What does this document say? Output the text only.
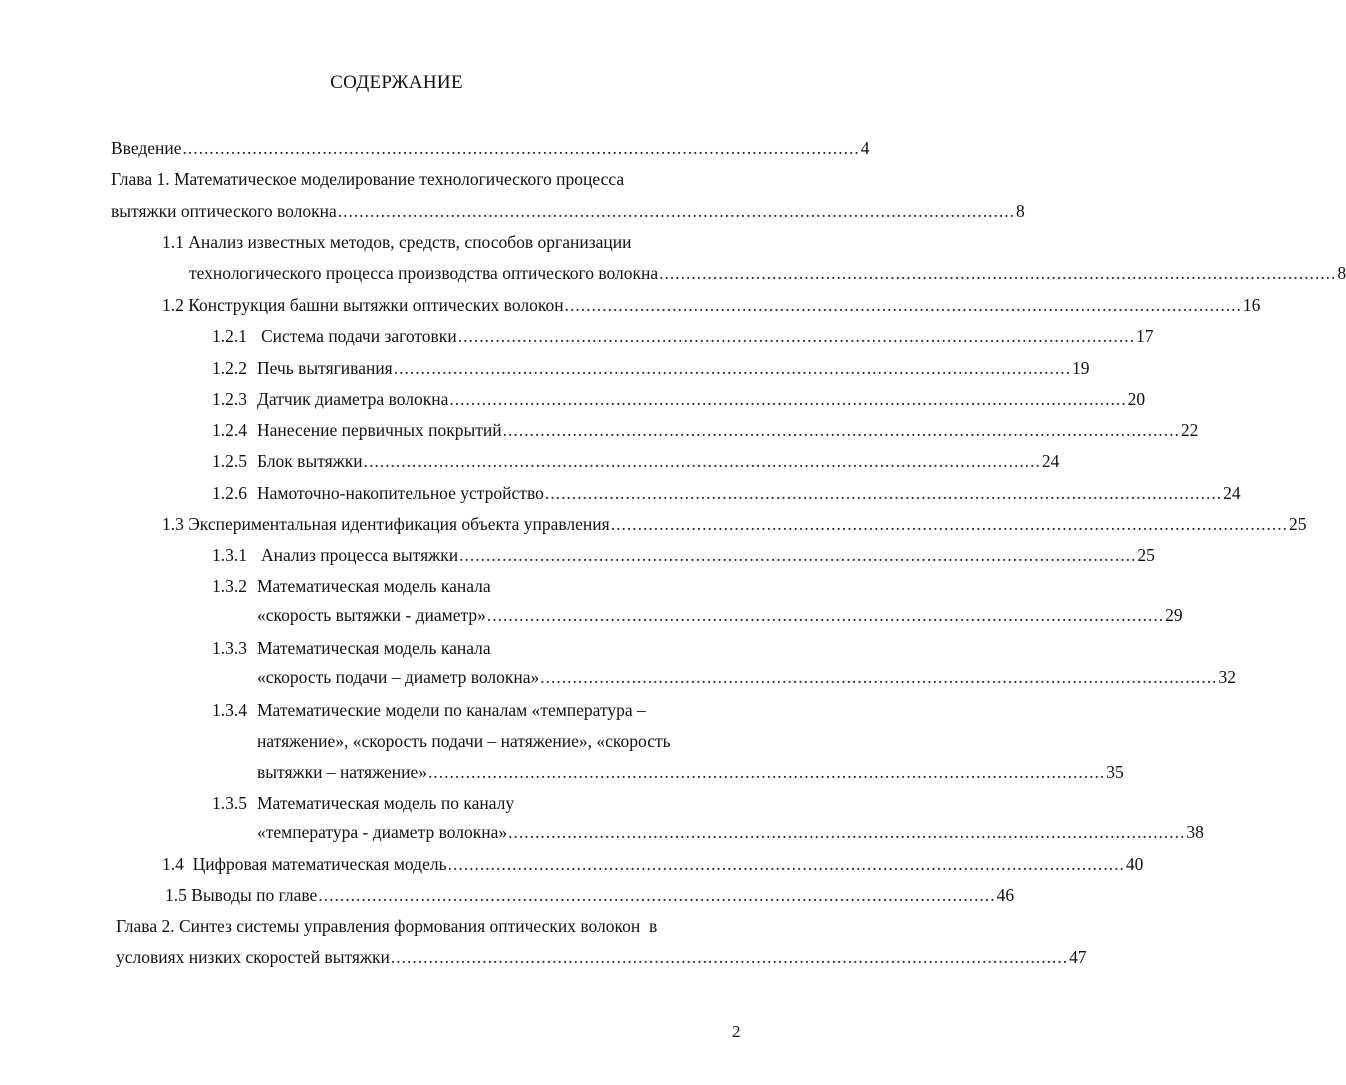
СОДЕРЖАНИЕ
Введение .............................................................................................................................. 4
Глава 1. Математическое моделирование технологического процесса
вытяжки оптического волокна .............................................................................................................................. 8
1.1 Анализ известных методов, средств, способов организации
технологического процесса производства оптического волокна .............................................................................................................................. 8
1.2 Конструкция башни вытяжки оптических волокон .............................................................................................................................. 16
1.2.1 Система подачи заготовки .............................................................................................................................. 17
1.2.2 Печь вытягивания .............................................................................................................................. 19
1.2.3 Датчик диаметра волокна .............................................................................................................................. 20
1.2.4 Нанесение первичных покрытий .............................................................................................................................. 22
1.2.5 Блок вытяжки .............................................................................................................................. 24
1.2.6 Намоточно-накопительное устройство .............................................................................................................................. 24
1.3 Экспериментальная идентификация объекта управления .............................................................................................................................. 25
1.3.1 Анализ процесса вытяжки .............................................................................................................................. 25
1.3.2 Математическая модель канала
«скорость вытяжки - диаметр» .............................................................................................................................. 29
1.3.3 Математическая модель канала
«скорость подачи – диаметр волокна» .............................................................................................................................. 32
1.3.4 Математические модели по каналам «температура –
натяжение», «скорость подачи – натяжение», «скорость
вытяжки – натяжение» .............................................................................................................................. 35
1.3.5 Математическая модель по каналу
«температура - диаметр волокна» .............................................................................................................................. 38
1.4  Цифровая математическая модель .............................................................................................................................. 40
1.5 Выводы по главе .............................................................................................................................. 46
Глава 2. Синтез системы управления формования оптических волокон  в
условиях низких скоростей вытяжки .............................................................................................................................. 47
2
